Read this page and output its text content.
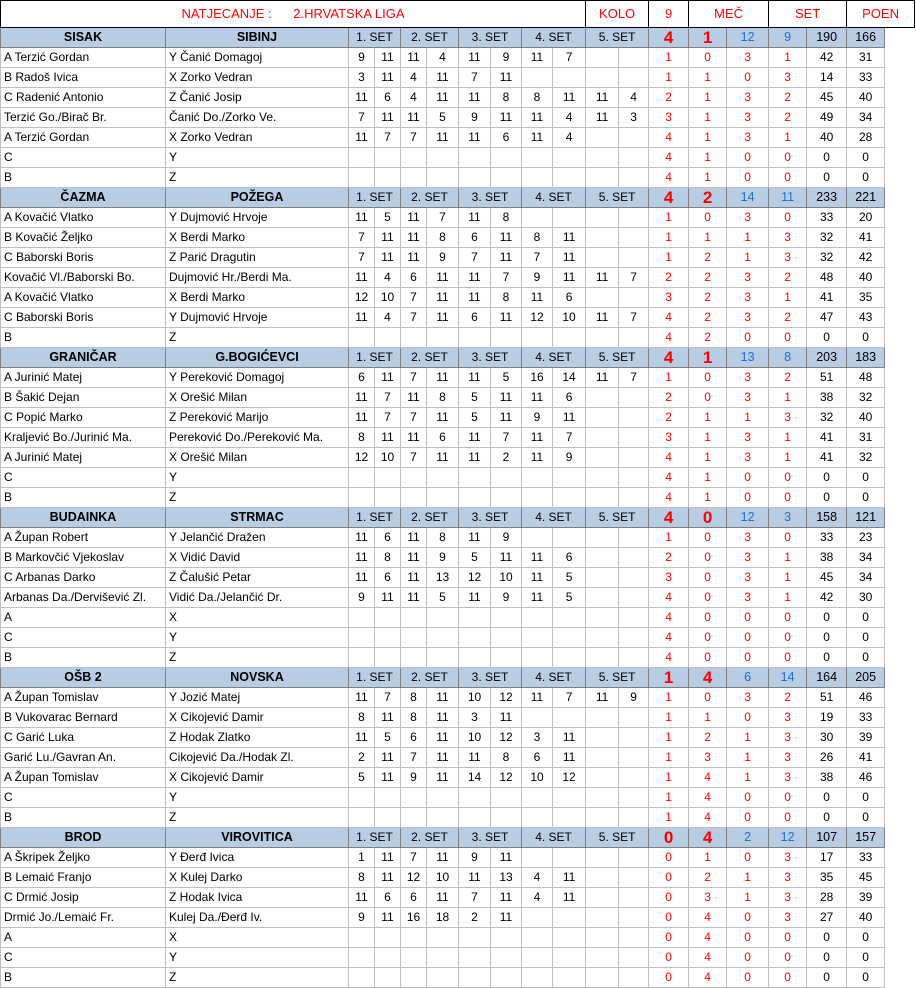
NATJECANJE : 2.HRVATSKA LIGA										KOLO		9	MEČ		SET		POEN
SISAK	SIBINJ	1. SET		2. SET		3. SET		4. SET		5. SET		4	1	12	9	190	166
A Terzić Gordan	Y Čanić Domagoj	9	11	11	4	11	9	11	7			1	0	3	1	42	31
B Radoš Ivica	X Zorko Vedran	3	11	4	11	7	11					1	1	0	3	14	33
C Radenić Antonio	Z Čanić Josip	11	6	4	11	11	8	8	11	11	4	2	1	3	2	45	40
Terzić Go./Birač Br.	Čanić Do./Zorko Ve.	7	11	11	5	9	11	11	4	11	3	3	1	3	2	49	34
A Terzić Gordan	X Zorko Vedran	11	7	7	11	11	6	11	4			4	1	3	1	40	28
C	Y											4	1	0	0	0	0
B	Z											4	1	0	0	0	0
ČAZMA	POŽEGA	1. SET		2. SET		3. SET		4. SET		5. SET		4	2	14	11	233	221
A Kovačić Vlatko	Y Dujmović Hrvoje	11	5	11	7	11	8					1	0	3	0	33	20
B Kovačić Željko	X Berdi Marko	7	11	11	8	6	11	8	11			1	1	1	3	32	41
C Baborski Boris	Z Parić Dragutin	7	11	11	9	7	11	7	11			1	2	1	3	32	42
Kovačić Vl./Baborski Bo.	Dujmović Hr./Berdi Ma.	11	4	6	11	11	7	9	11	11	7	2	2	3	2	48	40
A Kovačić Vlatko	X Berdi Marko	12	10	7	11	11	8	11	6			3	2	3	1	41	35
C Baborski Boris	Y Dujmović Hrvoje	11	4	7	11	6	11	12	10	11	7	4	2	3	2	47	43
B	Z											4	2	0	0	0	0
GRANIČAR	G.BOGIĆEVCI	1. SET		2. SET		3. SET		4. SET		5. SET		4	1	13	8	203	183
A Jurinić Matej	Y Pereković Domagoj	6	11	7	11	11	5	16	14	11	7	1	0	3	2	51	48
B Šakić Dejan	X Orešić Milan	11	7	11	8	5	11	11	6			2	0	3	1	38	32
C Popić Marko	Z Pereković Marijo	11	7	7	11	5	11	9	11			2	1	1	3	32	40
Kraljević Bo./Jurinić Ma.	Pereković Do./Pereković Ma.	8	11	11	6	11	7	11	7			3	1	3	1	41	31
A Jurinić Matej	X Orešić Milan	12	10	7	11	11	2	11	9			4	1	3	1	41	32
C	Y											4	1	0	0	0	0
B	Z											4	1	0	0	0	0
BUDAINKA	STRMAC	1. SET		2. SET		3. SET		4. SET		5. SET		4	0	12	3	158	121
A Župan Robert	Y Jelančić Dražen	11	6	11	8	11	9					1	0	3	0	33	23
B Markovčić Vjekoslav	X Vidić David	11	8	11	9	5	11	11	6			2	0	3	1	38	34
C Arbanas Darko	Z Čalušić Petar	11	6	11	13	12	10	11	5			3	0	3	1	45	34
Arbanas Da./Dervišević Zl.	Vidić Da./Jelančić Dr.	9	11	11	5	11	9	11	5			4	0	3	1	42	30
A	X											4	0	0	0	0	0
C	Y											4	0	0	0	0	0
B	Z											4	0	0	0	0	0
OŠB 2	NOVSKA	1. SET		2. SET		3. SET		4. SET		5. SET		1	4	6	14	164	205
A Župan Tomislav	Y Jozić Matej	11	7	8	11	10	12	11	7	11	9	1	0	3	2	51	46
B Vukovarac Bernard	X Cikojević Damir	8	11	8	11	3	11					1	1	0	3	19	33
C Garić Luka	Z Hodak Zlatko	11	5	6	11	10	12	3	11			1	2	1	3	30	39
Garić Lu./Gavran An.	Cikojević Da./Hodak Zl.	2	11	7	11	11	8	6	11			1	3	1	3	26	41
A Župan Tomislav	X Cikojević Damir	5	11	9	11	14	12	10	12			1	4	1	3	38	46
C	Y											1	4	0	0	0	0
B	Z											1	4	0	0	0	0
BROD	VIROVITICA	1. SET		2. SET		3. SET		4. SET		5. SET		0	4	2	12	107	157
A Škripek Željko	Y Đerđ Ivica	1	11	7	11	9	11					0	1	0	3	17	33
B Lemaić Franjo	X Kulej Darko	8	11	12	10	11	13	4	11			0	2	1	3	35	45
C Drmić Josip	Z Hodak Ivica	11	6	6	11	7	11	4	11			0	3	1	3	28	39
Drmić Jo./Lemaić Fr.	Kulej Da./Đerđ Iv.	9	11	16	18	2	11					0	4	0	3	27	40
A	X											0	4	0	0	0	0
C	Y											0	4	0	0	0	0
B	Z											0	4	0	0	0	0
